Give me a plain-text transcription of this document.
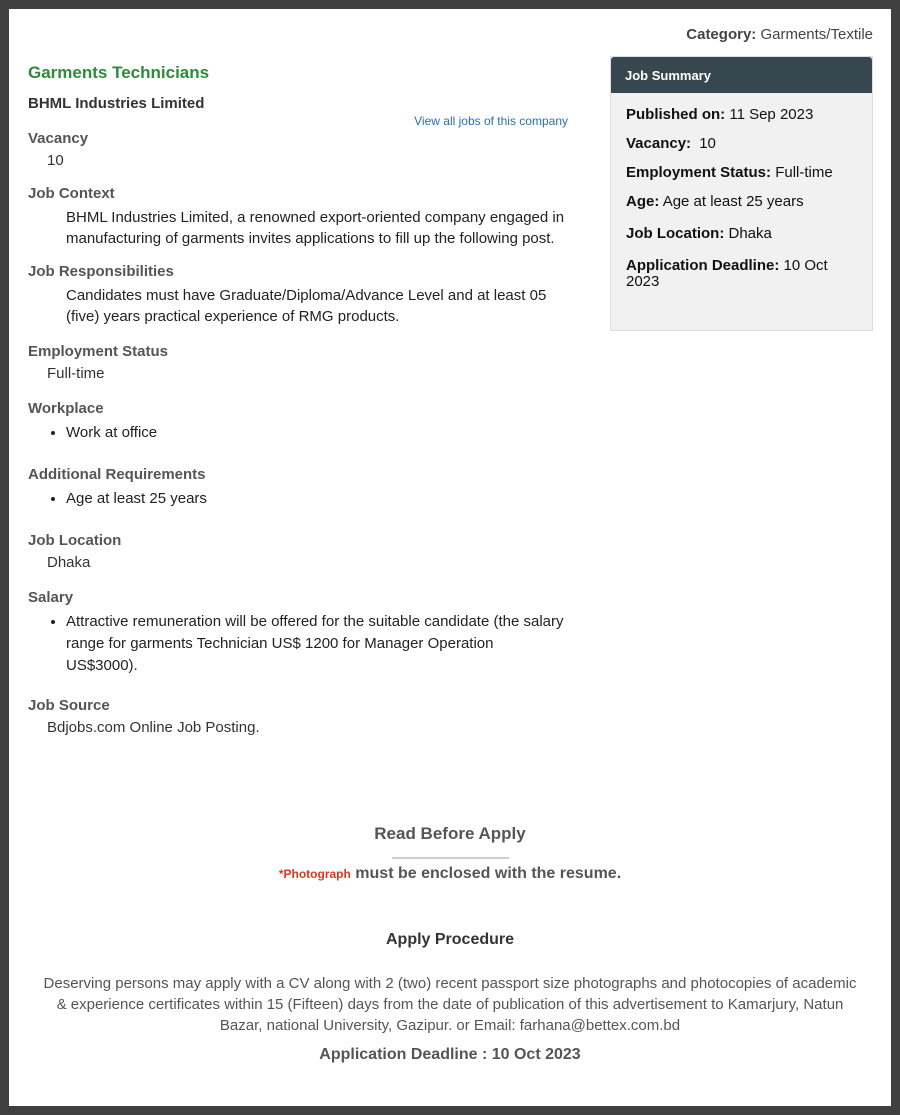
Category: Garments/Textile
Garments Technicians
BHML Industries Limited
View all jobs of this company
Vacancy
10
Job Context
BHML Industries Limited, a renowned export-oriented company engaged in manufacturing of garments invites applications to fill up the following post.
Job Responsibilities
Candidates must have Graduate/Diploma/Advance Level and at least 05 (five) years practical experience of RMG products.
Employment Status
Full-time
Workplace
• Work at office
Additional Requirements
• Age at least 25 years
Job Location
Dhaka
Salary
• Attractive remuneration will be offered for the suitable candidate (the salary range for garments Technician US$ 1200 for Manager Operation US$3000).
Job Source
Bdjobs.com Online Job Posting.
Job Summary
Published on: 11 Sep 2023
Vacancy: 10
Employment Status: Full-time
Age: Age at least 25 years
Job Location: Dhaka
Application Deadline: 10 Oct 2023
Read Before Apply
*Photograph must be enclosed with the resume.
Apply Procedure
Deserving persons may apply with a CV along with 2 (two) recent passport size photographs and photocopies of academic & experience certificates within 15 (Fifteen) days from the date of publication of this advertisement to Kamarjury, Natun Bazar, national University, Gazipur. or Email: farhana@bettex.com.bd
Application Deadline : 10 Oct 2023
